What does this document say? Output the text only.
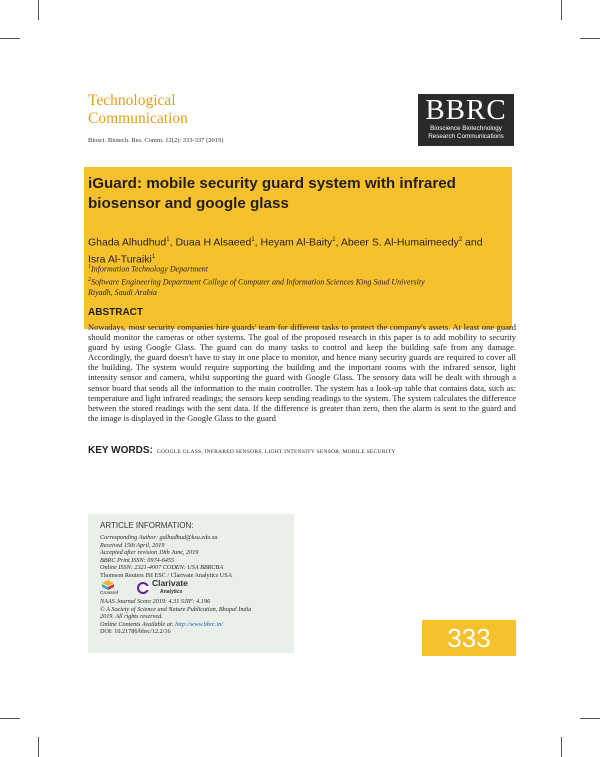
Technological
Communication	BBRC
Bioscience Biotechnology
Research Communications
Biosci. Biotech. Res. Comm. 12(2): 333-337 (2019)
iGuard: mobile security guard system with infrared biosensor and google glass
Ghada Alhudhud$^1$, Duaa H Alsaeed$^1$, Heyam Al-Baity$^1$, Abeer S. Al-Humaimeedy$^2$ and
Isra Al-Turaiki$^1$
$^1$Information Technology Department
$^2$Software Engineering Department College of Computer and Information Sciences King Saud University
Riyadh, Saudi Arabia
ABSTRACT

Nowadays, most security companies hire guards' team for different tasks to protect the company's assets. At least one guard should monitor the cameras or other systems. The goal of the proposed research in this paper is to add mobility to security guard by using Google Glass. The guard can do many tasks to control and keep the building safe from any damage. Accordingly, the guard doesn't have to stay in one place to monitor, and hence many security guards are required to cover all the building. The system would require supporting the building and the important rooms with the infrared sensor, light intensity sensor and camera, whilst supporting the guard with Google Glass. The sensory data will be dealt with through a sensor board that sends all the information to the main controller. The system has a look-up table that contains data, such as: temperature and light infrared readings; the sensors keep sending readings to the system. The system calculates the difference between the stored readings with the sent data. If the difference is greater than zero, then the alarm is sent to the guard and the image is displayed in the Google Glass to the guard

KEY WORDS: GOOGLE GLASS, INFRARED SENSORS, LIGHT INTENSITY SENSOR, MOBILE SECURITY
ARTICLE INFORMATION:
Corresponding Author: galhudhud@ksu.edu.sa
Received 15th April, 2019
Accepted after revision 19th June, 2019
BBRC Print ISSN: 0974-6455
Online ISSN: 2321-4007 CODEN: USA BBRCBA
Thomson Reuters ISI ESC / Clarivate Analytics USA
Crossref
Clarivate
Analytics
NAAS Journal Score 2019: 4.31 SJIF: 4.196
© A Society of Science and Nature Publication, Bhopal India
2019. All rights reserved.
Online Contents Available at: http://www.bbrc.in/
DOI: 10.21786/bbrc/12.2/16	333
